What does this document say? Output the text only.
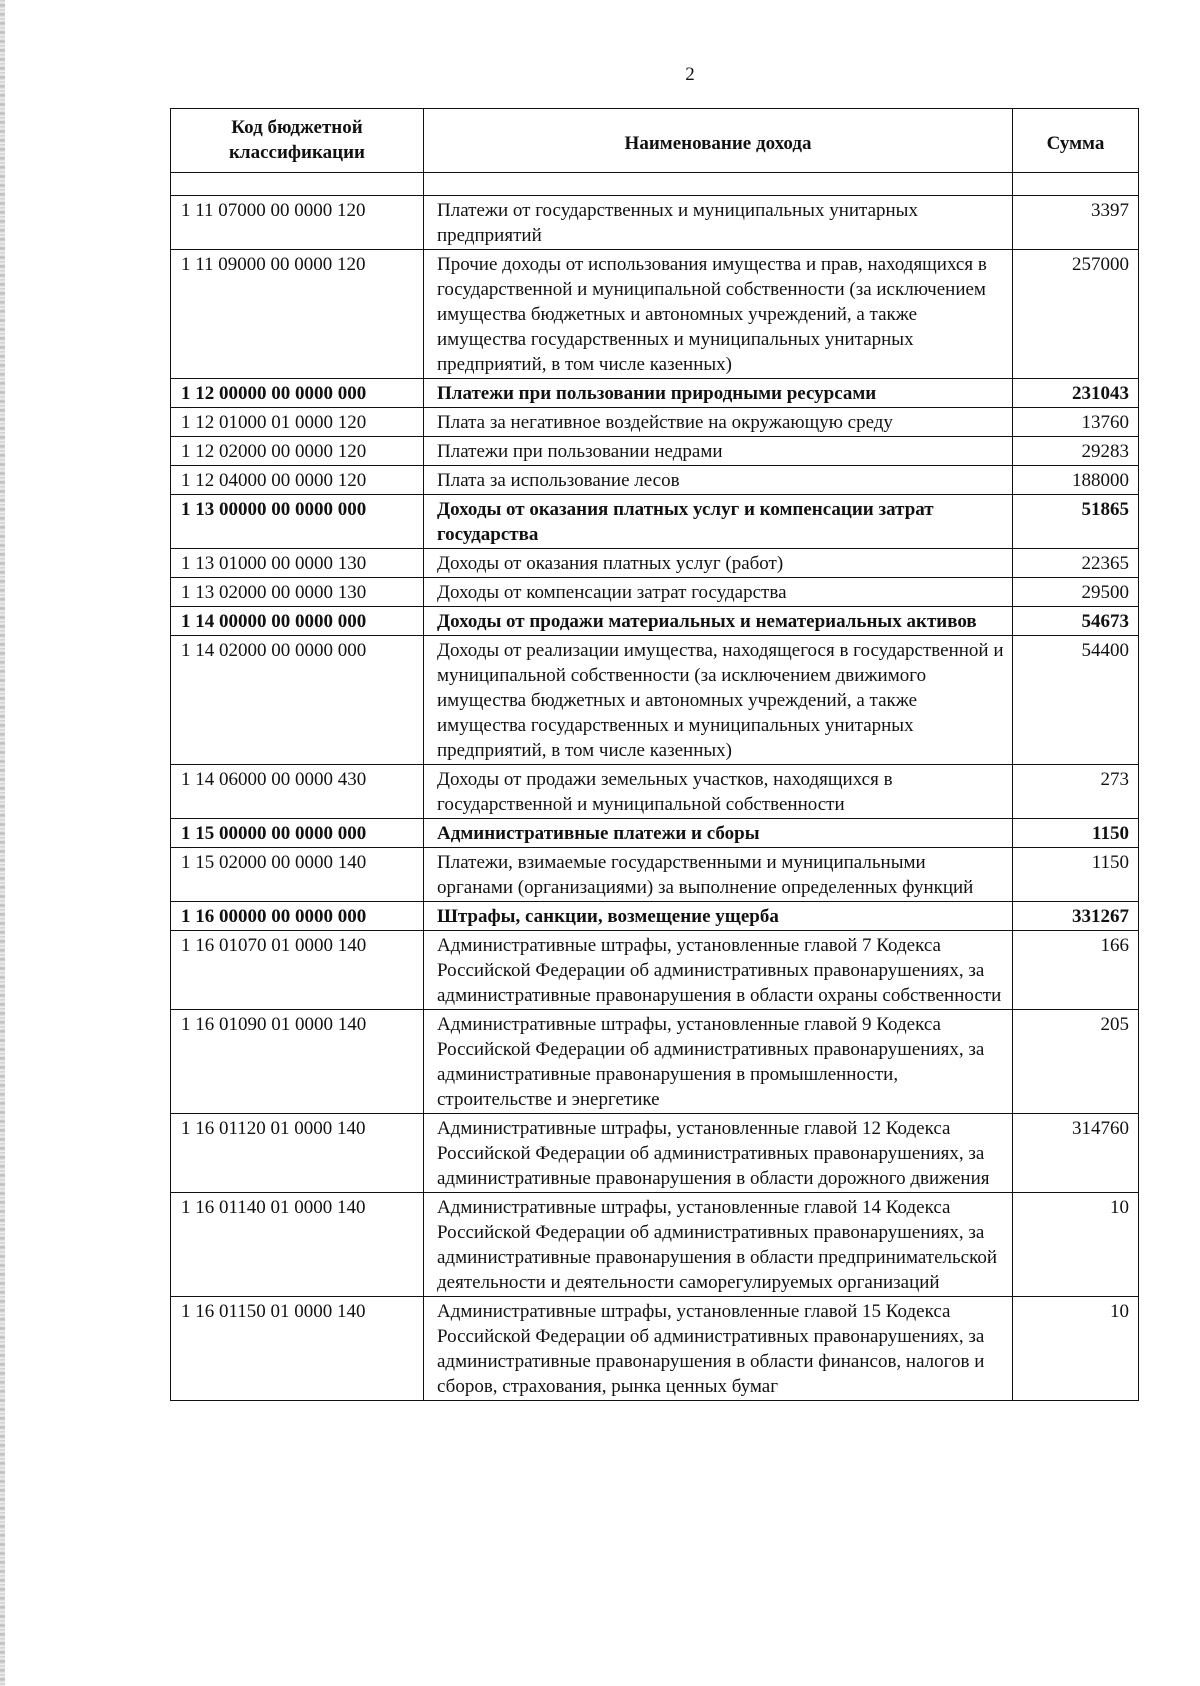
2
Код бюджетной классификации	Наименование дохода	Сумма

1 11 07000 00 0000 120	Платежи от государственных и муниципальных унитарных предприятий	3397
1 11 09000 00 0000 120	Прочие доходы от использования имущества и прав, находящихся в государственной и муниципальной собственности (за исключением имущества бюджетных и автономных учреждений, а также имущества государственных и муниципальных унитарных предприятий, в том числе казенных)	257000
1 12 00000 00 0000 000	Платежи при пользовании природными ресурсами	231043
1 12 01000 01 0000 120	Плата за негативное воздействие на окружающую среду	13760
1 12 02000 00 0000 120	Платежи при пользовании недрами	29283
1 12 04000 00 0000 120	Плата за использование лесов	188000
1 13 00000 00 0000 000	Доходы от оказания платных услуг и компенсации затрат государства	51865
1 13 01000 00 0000 130	Доходы от оказания платных услуг (работ)	22365
1 13 02000 00 0000 130	Доходы от компенсации затрат государства	29500
1 14 00000 00 0000 000	Доходы от продажи материальных и нематериальных активов	54673
1 14 02000 00 0000 000	Доходы от реализации имущества, находящегося в государственной и муниципальной собственности (за исключением движимого имущества бюджетных и автономных учреждений, а также имущества государственных и муниципальных унитарных предприятий, в том числе казенных)	54400
1 14 06000 00 0000 430	Доходы от продажи земельных участков, находящихся в государственной и муниципальной собственности	273
1 15 00000 00 0000 000	Административные платежи и сборы	1150
1 15 02000 00 0000 140	Платежи, взимаемые государственными и муниципальными органами (организациями) за выполнение определенных функций	1150
1 16 00000 00 0000 000	Штрафы, санкции, возмещение ущерба	331267
1 16 01070 01 0000 140	Административные штрафы, установленные главой 7 Кодекса Российской Федерации об административных правонарушениях, за административные правонарушения в области охраны собственности	166
1 16 01090 01 0000 140	Административные штрафы, установленные главой 9 Кодекса Российской Федерации об административных правонарушениях, за административные правонарушения в промышленности, строительстве и энергетике	205
1 16 01120 01 0000 140	Административные штрафы, установленные главой 12 Кодекса Российской Федерации об административных правонарушениях, за административные правонарушения в области дорожного движения	314760
1 16 01140 01 0000 140	Административные штрафы, установленные главой 14 Кодекса Российской Федерации об административных правонарушениях, за административные правонарушения в области предпринимательской деятельности и деятельности саморегулируемых организаций	10
1 16 01150 01 0000 140	Административные штрафы, установленные главой 15 Кодекса Российской Федерации об административных правонарушениях, за административные правонарушения в области финансов, налогов и сборов, страхования, рынка ценных бумаг	10
